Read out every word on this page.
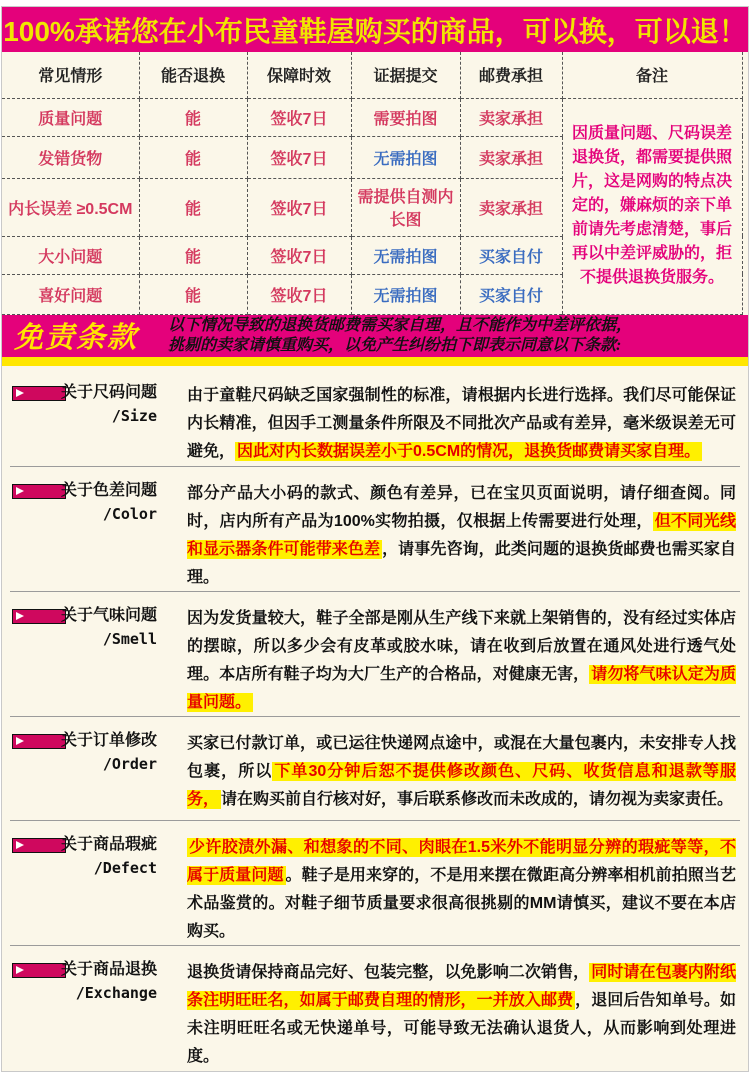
100%承诺您在小布民童鞋屋购买的商品，可以换，可以退！
常见情形	能否退换	保障时效	证据提交	邮费承担	备注
质量问题	能	签收7日	需要拍图	卖家承担	因质量问题、尺码误差退换货，都需要提供照片，这是网购的特点决定的，嫌麻烦的亲下单前请先考虑清楚，事后再以中差评威胁的，拒不提供退换货服务。
发错货物	能	签收7日	无需拍图	卖家承担	
内长误差 ≥0.5CM	能	签收7日	需提供自测内长图	卖家承担	
大小问题	能	签收7日	无需拍图	买家自付	
喜好问题	能	签收7日	无需拍图	买家自付	
免责条款 以下情况导致的退换货邮费需买家自理，且不能作为中差评依据，
挑剔的卖家请慎重购买，以免产生纠纷拍下即表示同意以下条款:
关于尺码问题
/Size
由于童鞋尺码缺乏国家强制性的标准，请根据内长进行选择。我们尽可能保证内长精准，但因手工测量条件所限及不同批次产品或有差异，毫米级误差无可避免， 因此对内长数据误差小于0.5CM的情况，退换货邮费请买家自理。
关于色差问题
/Color
部分产品大小码的款式、颜色有差异，已在宝贝页面说明，请仔细查阅。同时，店内所有产品为100%实物拍摄，仅根据上传需要进行处理， 但不同光线和显示器条件可能带来色差 ，请事先咨询，此类问题的退换货邮费也需买家自理。
关于气味问题
/Smell
因为发货量较大，鞋子全部是刚从生产线下来就上架销售的，没有经过实体店的摆晾，所以多少会有皮革或胶水味，请在收到后放置在通风处进行透气处理。本店所有鞋子均为大厂生产的合格品，对健康无害， 请勿将气味认定为质量问题。
关于订单修改
/Order
买家已付款订单，或已运往快递网点途中，或混在大量包裹内，未安排专人找包裹，所以 下单30分钟后恕不提供修改颜色、尺码、收货信息和退款等服务， 请在购买前自行核对好，事后联系修改而未改成的，请勿视为卖家责任。
关于商品瑕疵
/Defect
少许胶渍外漏、和想象的不同、肉眼在1.5米外不能明显分辨的瑕疵等等，不属于质量问题 。鞋子是用来穿的，不是用来摆在微距高分辨率相机前拍照当艺术品鉴赏的。对鞋子细节质量要求很高很挑剔的MM请慎买，建议不要在本店购买。
关于商品退换
/Exchange
退换货请保持商品完好、包装完整，以免影响二次销售， 同时请在包裹内附纸条注明旺旺名，如属于邮费自理的情形，一并放入邮费 ，退回后告知单号。如未注明旺旺名或无快递单号，可能导致无法确认退货人，从而影响到处理进度。
